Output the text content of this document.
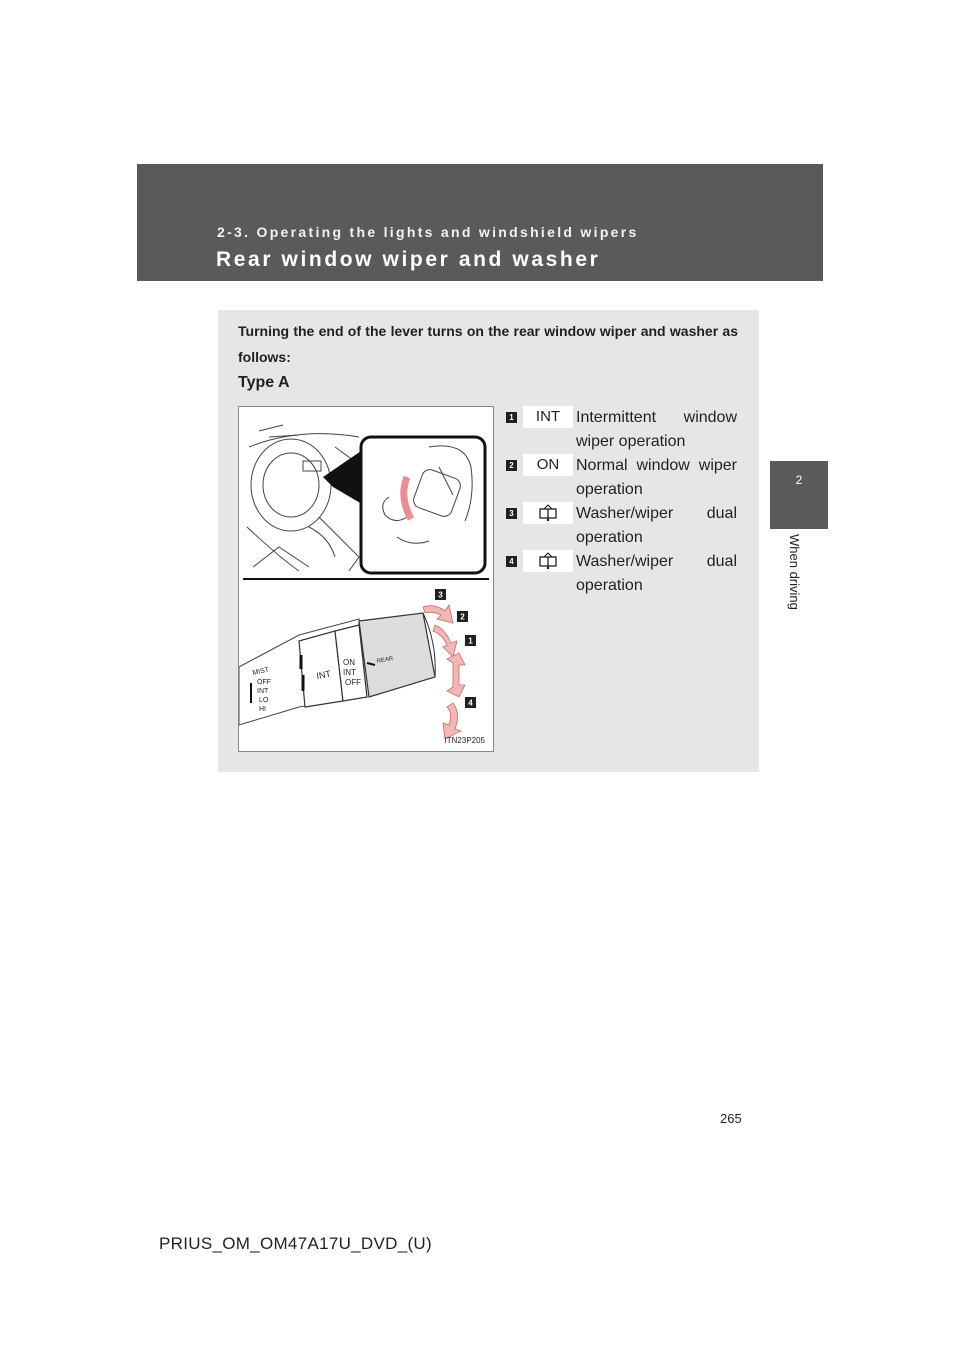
2-3. Operating the lights and windshield wipers
Rear window wiper and washer
2
When driving
Turning the end of the lever turns on the rear window wiper and washer as follows:
Type A
MIST
OFF
INT
LO
HI
INT
ON
INT
OFF
REAR
3
2
1
4
ITN23P205
1	INT Intermittent window wiper operation
2	ON	Normal window wiper operation
3	Washer/wiper dual operation
4	Washer/wiper dual operation
265
PRIUS_OM_OM47A17U_DVD_(U)
